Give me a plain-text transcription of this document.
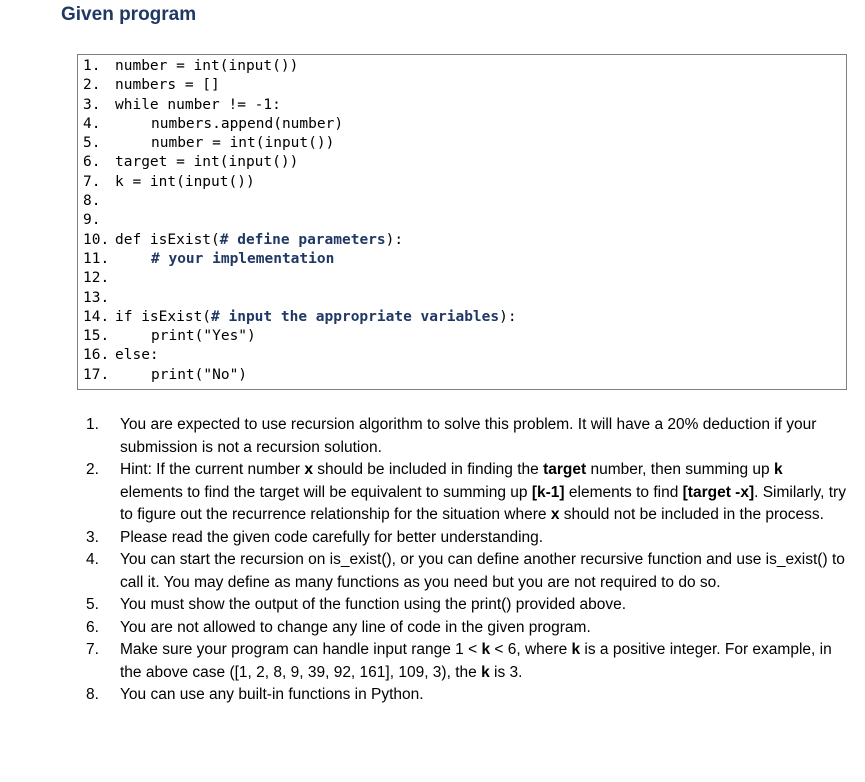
Given program
1. number = int(input())
2. numbers = []
3. while number != -1:
4.	numbers.append(number)
5.	number = int(input())
6. target = int(input())
7. k = int(input())
8.
9.
10. def isExist(# define parameters):
11.	# your implementation
12.
13.
14. if isExist(# input the appropriate variables):
15.	print("Yes")
16. else:
17.	print("No")
1. You are expected to use recursion algorithm to solve this problem. It will have a 20% deduction if your submission is not a recursion solution.
2. Hint: If the current number x should be included in finding the target number, then summing up k elements to find the target will be equivalent to summing up [k-1] elements to find [target -x]. Similarly, try to figure out the recurrence relationship for the situation where x should not be included in the process.
3. Please read the given code carefully for better understanding.
4. You can start the recursion on is_exist(), or you can define another recursive function and use is_exist() to call it. You may define as many functions as you need but you are not required to do so.
5. You must show the output of the function using the print() provided above.
6. You are not allowed to change any line of code in the given program.
7. Make sure your program can handle input range 1 < k < 6, where k is a positive integer. For example, in the above case ([1, 2, 8, 9, 39, 92, 161], 109, 3), the k is 3.
8. You can use any built-in functions in Python.
